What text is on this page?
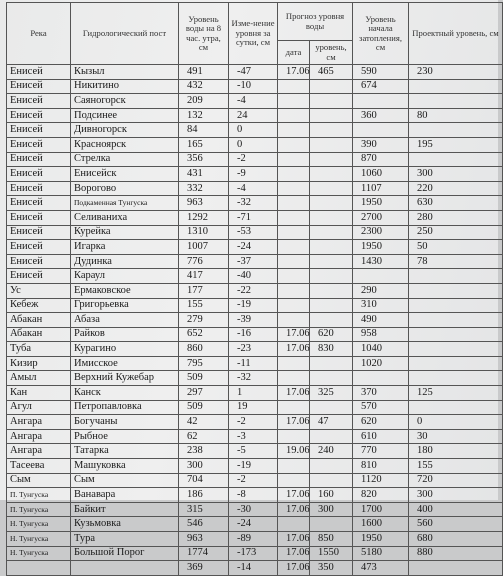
Река	Гидрологический пост	Уровень воды на 8 час. утра, см	Изме-нение уровня за сутки, см	Прогноз уровня воды		Уровень начала затопления, см	Проектный уровень, см
				дата	уровень, см		
Енисей	Кызыл	491	-47	17.06	465	590	230
Енисей	Никитино	432	-10			674	
Енисей	Саяногорск	209	-4				
Енисей	Подсинее	132	24			360	80
Енисей	Дивногорск	84	0				
Енисей	Красноярск	165	0			390	195
Енисей	Стрелка	356	-2			870	
Енисей	Енисейск	431	-9			1060	300
Енисей	Ворогово	332	-4			1107	220
Енисей	Подкаменная Тунгуска	963	-32			1950	630
Енисей	Селиваниха	1292	-71			2700	280
Енисей	Курейка	1310	-53			2300	250
Енисей	Игарка	1007	-24			1950	50
Енисей	Дудинка	776	-37			1430	78
Енисей	Караул	417	-40				
Ус	Ермаковское	177	-22			290	
Кебеж	Григорьевка	155	-19			310	
Абакан	Абаза	279	-39			490	
Абакан	Райков	652	-16	17.06	620	958	
Туба	Курагино	860	-23	17.06	830	1040	
Кизир	Имисское	795	-11			1020	
Амыл	Верхний Кужебар	509	-32				
Кан	Канск	297	1	17.06	325	370	125
Агул	Петропавловка	509	19			570	
Ангара	Богучаны	42	-2	17.06	47	620	0
Ангара	Рыбное	62	-3			610	30
Ангара	Татарка	238	-5	19.06	240	770	180
Тасеева	Машуковка	300	-19			810	155
Сым	Сым	704	-2			1120	720
П. Тунгуска	Ванавара	186	-8	17.06	160	820	300
П. Тунгуска	Байкит	315	-30	17.06	300	1700	400
Н. Тунгуска	Кузьмовка	546	-24			1600	560
Н. Тунгуска	Тура	963	-89	17.06	850	1950	680
Н. Тунгуска	Большой Порог	1774	-173	17.06	1550	5180	880
		369	-14	17.06	350	473	
